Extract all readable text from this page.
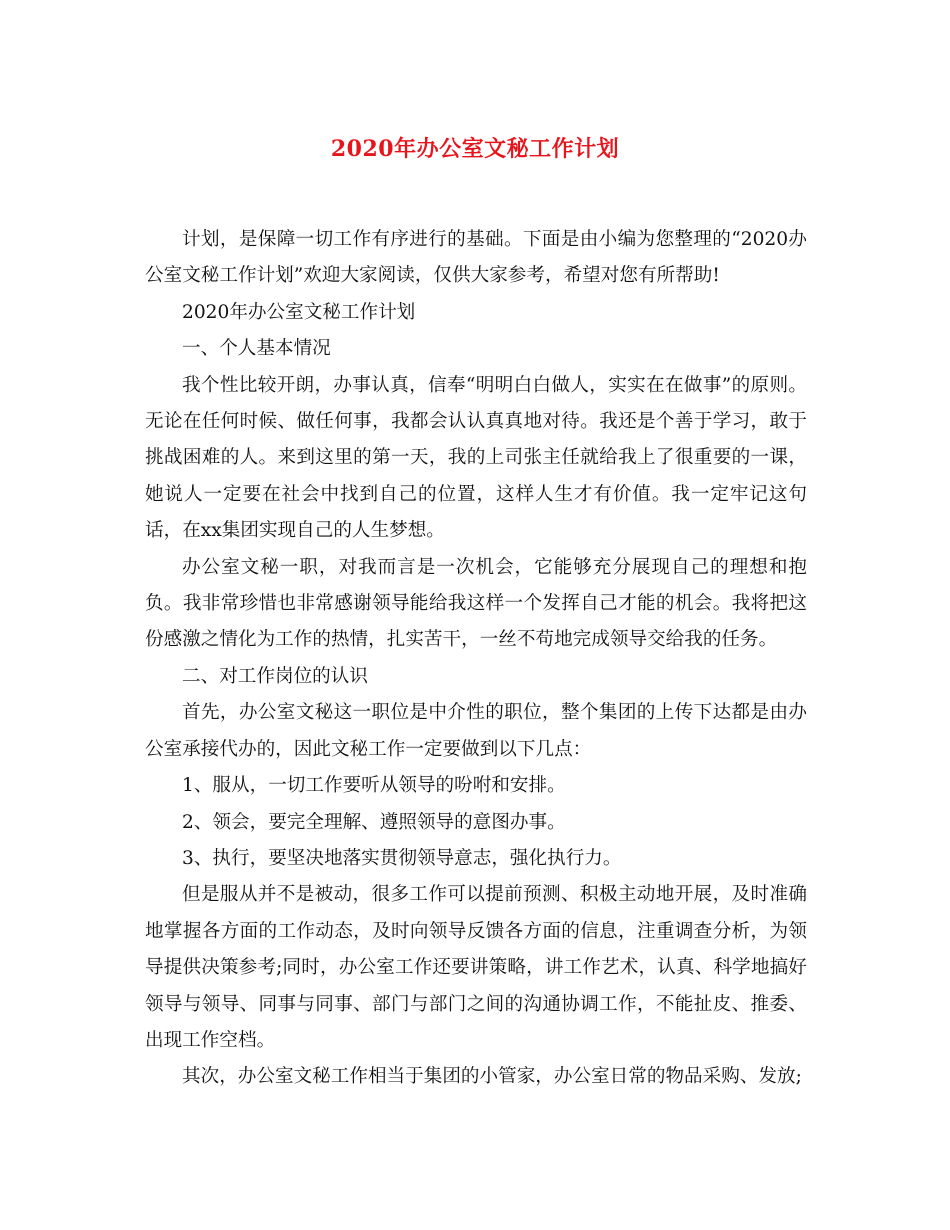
2020年办公室文秘工作计划

计划，是保障一切工作有序进行的基础。下面是由小编为您整理的“2020办公室文秘工作计划”欢迎大家阅读，仅供大家参考，希望对您有所帮助!

2020年办公室文秘工作计划

一、个人基本情况

我个性比较开朗，办事认真，信奉“明明白白做人，实实在在做事”的原则。无论在任何时候、做任何事，我都会认认真真地对待。我还是个善于学习，敢于挑战困难的人。来到这里的第一天，我的上司张主任就给我上了很重要的一课，她说人一定要在社会中找到自己的位置，这样人生才有价值。我一定牢记这句话，在xx集团实现自己的人生梦想。

办公室文秘一职，对我而言是一次机会，它能够充分展现自己的理想和抱负。我非常珍惜也非常感谢领导能给我这样一个发挥自己才能的机会。我将把这份感激之情化为工作的热情，扎实苦干，一丝不苟地完成领导交给我的任务。

二、对工作岗位的认识

首先，办公室文秘这一职位是中介性的职位，整个集团的上传下达都是由办公室承接代办的，因此文秘工作一定要做到以下几点：

1、服从，一切工作要听从领导的吩咐和安排。

2、领会，要完全理解、遵照领导的意图办事。

3、执行，要坚决地落实贯彻领导意志，强化执行力。

但是服从并不是被动，很多工作可以提前预测、积极主动地开展，及时准确地掌握各方面的工作动态，及时向领导反馈各方面的信息，注重调查分析，为领导提供决策参考;同时，办公室工作还要讲策略，讲工作艺术，认真、科学地搞好领导与领导、同事与同事、部门与部门之间的沟通协调工作，不能扯皮、推委、出现工作空档。

其次，办公室文秘工作相当于集团的小管家，办公室日常的物品采购、发放;
